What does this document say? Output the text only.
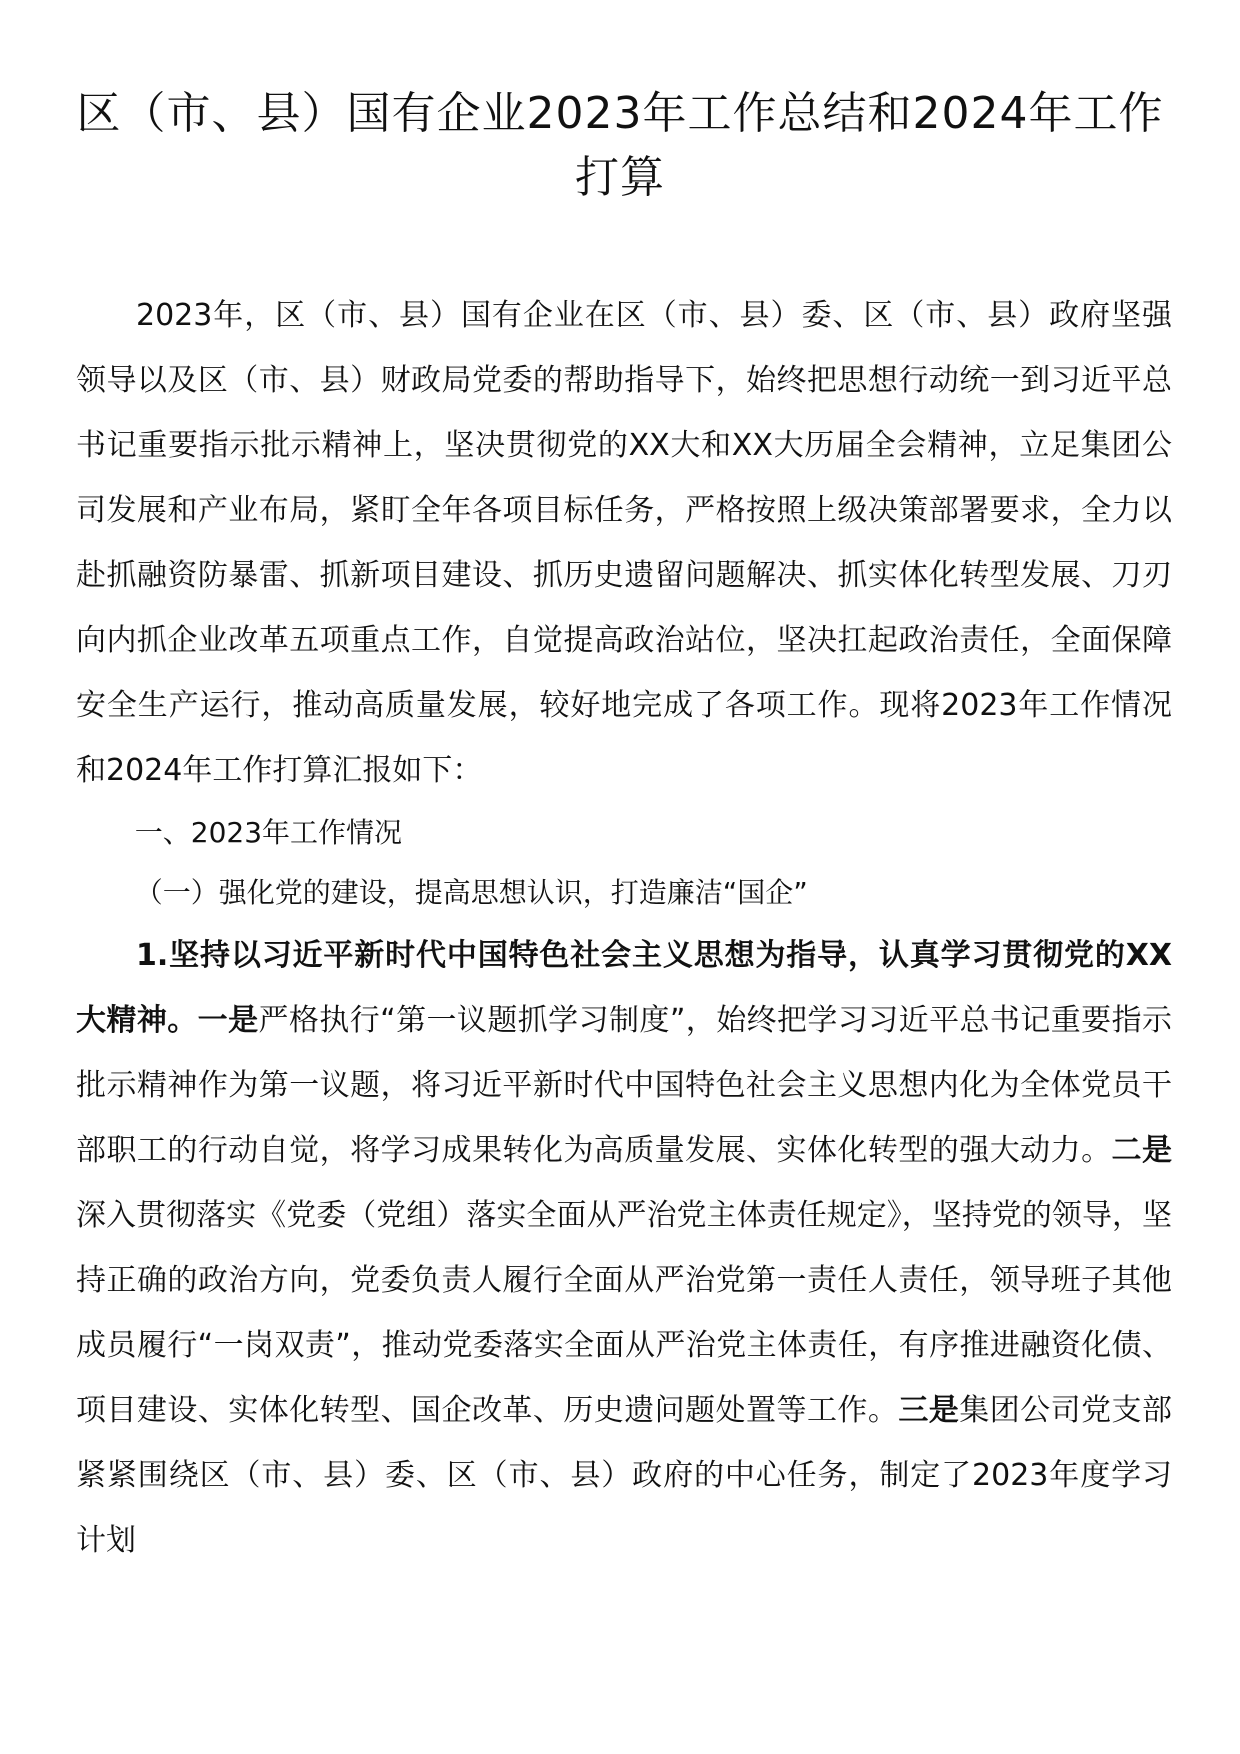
区（市、县）国有企业2023年工作总结和2024年工作打算

2023年，区（市、县）国有企业在区（市、县）委、区（市、县）政府坚强领导以及区（市、县）财政局党委的帮助指导下，始终把思想行动统一到习近平总书记重要指示批示精神上，坚决贯彻党的XX大和XX大历届全会精神，立足集团公司发展和产业布局，紧盯全年各项目标任务，严格按照上级决策部署要求，全力以赴抓融资防暴雷、抓新项目建设、抓历史遗留问题解决、抓实体化转型发展、刀刃向内抓企业改革五项重点工作，自觉提高政治站位，坚决扛起政治责任，全面保障安全生产运行，推动高质量发展，较好地完成了各项工作。现将2023年工作情况和2024年工作打算汇报如下：

一、2023年工作情况

（一）强化党的建设，提高思想认识，打造廉洁“国企”

1.坚持以习近平新时代中国特色社会主义思想为指导，认真学习贯彻党的XX大精神。一是严格执行“第一议题抓学习制度”，始终把学习习近平总书记重要指示批示精神作为第一议题，将习近平新时代中国特色社会主义思想内化为全体党员干部职工的行动自觉，将学习成果转化为高质量发展、实体化转型的强大动力。二是深入贯彻落实《党委（党组）落实全面从严治党主体责任规定》，坚持党的领导，坚持正确的政治方向，党委负责人履行全面从严治党第一责任人责任，领导班子其他成员履行“一岗双责”，推动党委落实全面从严治党主体责任，有序推进融资化债、项目建设、实体化转型、国企改革、历史遗问题处置等工作。三是集团公司党支部紧紧围绕区（市、县）委、区（市、县）政府的中心任务，制定了2023年度学习计划
